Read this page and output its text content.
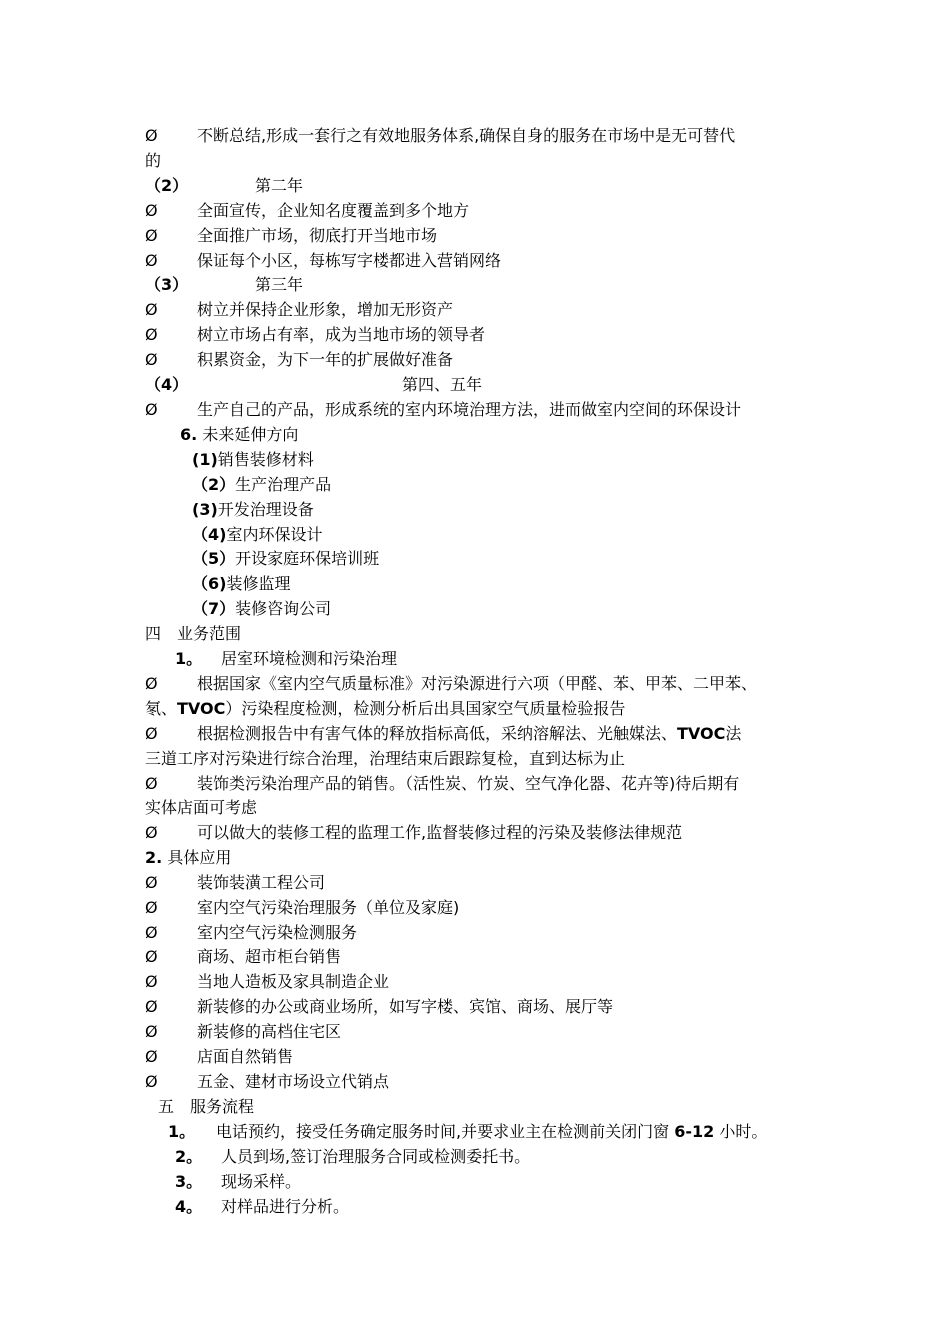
Ø 不断总结,形成一套行之有效地服务体系,确保自身的服务在市场中是无可替代
的
（2）	第二年
Ø 全面宣传，企业知名度覆盖到多个地方
Ø 全面推广市场，彻底打开当地市场
Ø 保证每个小区，每栋写字楼都进入营销网络
（3）	第三年
Ø 树立并保持企业形象，增加无形资产
Ø 树立市场占有率，成为当地市场的领导者
Ø 积累资金，为下一年的扩展做好准备
（4）	第四、五年
Ø 生产自己的产品，形成系统的室内环境治理方法，进而做室内空间的环保设计
6. 未来延伸方向
(1)销售装修材料
（2）生产治理产品
(3)开发治理设备
（4)室内环保设计
（5）开设家庭环保培训班
（6)装修监理
（7）装修咨询公司
四　业务范围
1。 居室环境检测和污染治理
Ø 根据国家《室内空气质量标准》对污染源进行六项（甲醛、苯、甲苯、二甲苯、
氡、TVOC）污染程度检测，检测分析后出具国家空气质量检验报告
Ø 根据检测报告中有害气体的释放指标高低，采纳溶解法、光触媒法、TVOC法
三道工序对污染进行综合治理，治理结束后跟踪复检，直到达标为止
Ø 装饰类污染治理产品的销售。（活性炭、竹炭、空气净化器、花卉等)待后期有
实体店面可考虑
Ø 可以做大的装修工程的监理工作,监督装修过程的污染及装修法律规范
2. 具体应用
Ø 装饰装潢工程公司
Ø 室内空气污染治理服务（单位及家庭)
Ø 室内空气污染检测服务
Ø 商场、超市柜台销售
Ø 当地人造板及家具制造企业
Ø 新装修的办公或商业场所，如写字楼、宾馆、商场、展厅等
Ø 新装修的高档住宅区
Ø 店面自然销售
Ø 五金、建材市场设立代销点
五　服务流程
1。 电话预约，接受任务确定服务时间,并要求业主在检测前关闭门窗 6-12 小时。
2。 人员到场,签订治理服务合同或检测委托书。
3。 现场采样。
4。 对样品进行分析。
